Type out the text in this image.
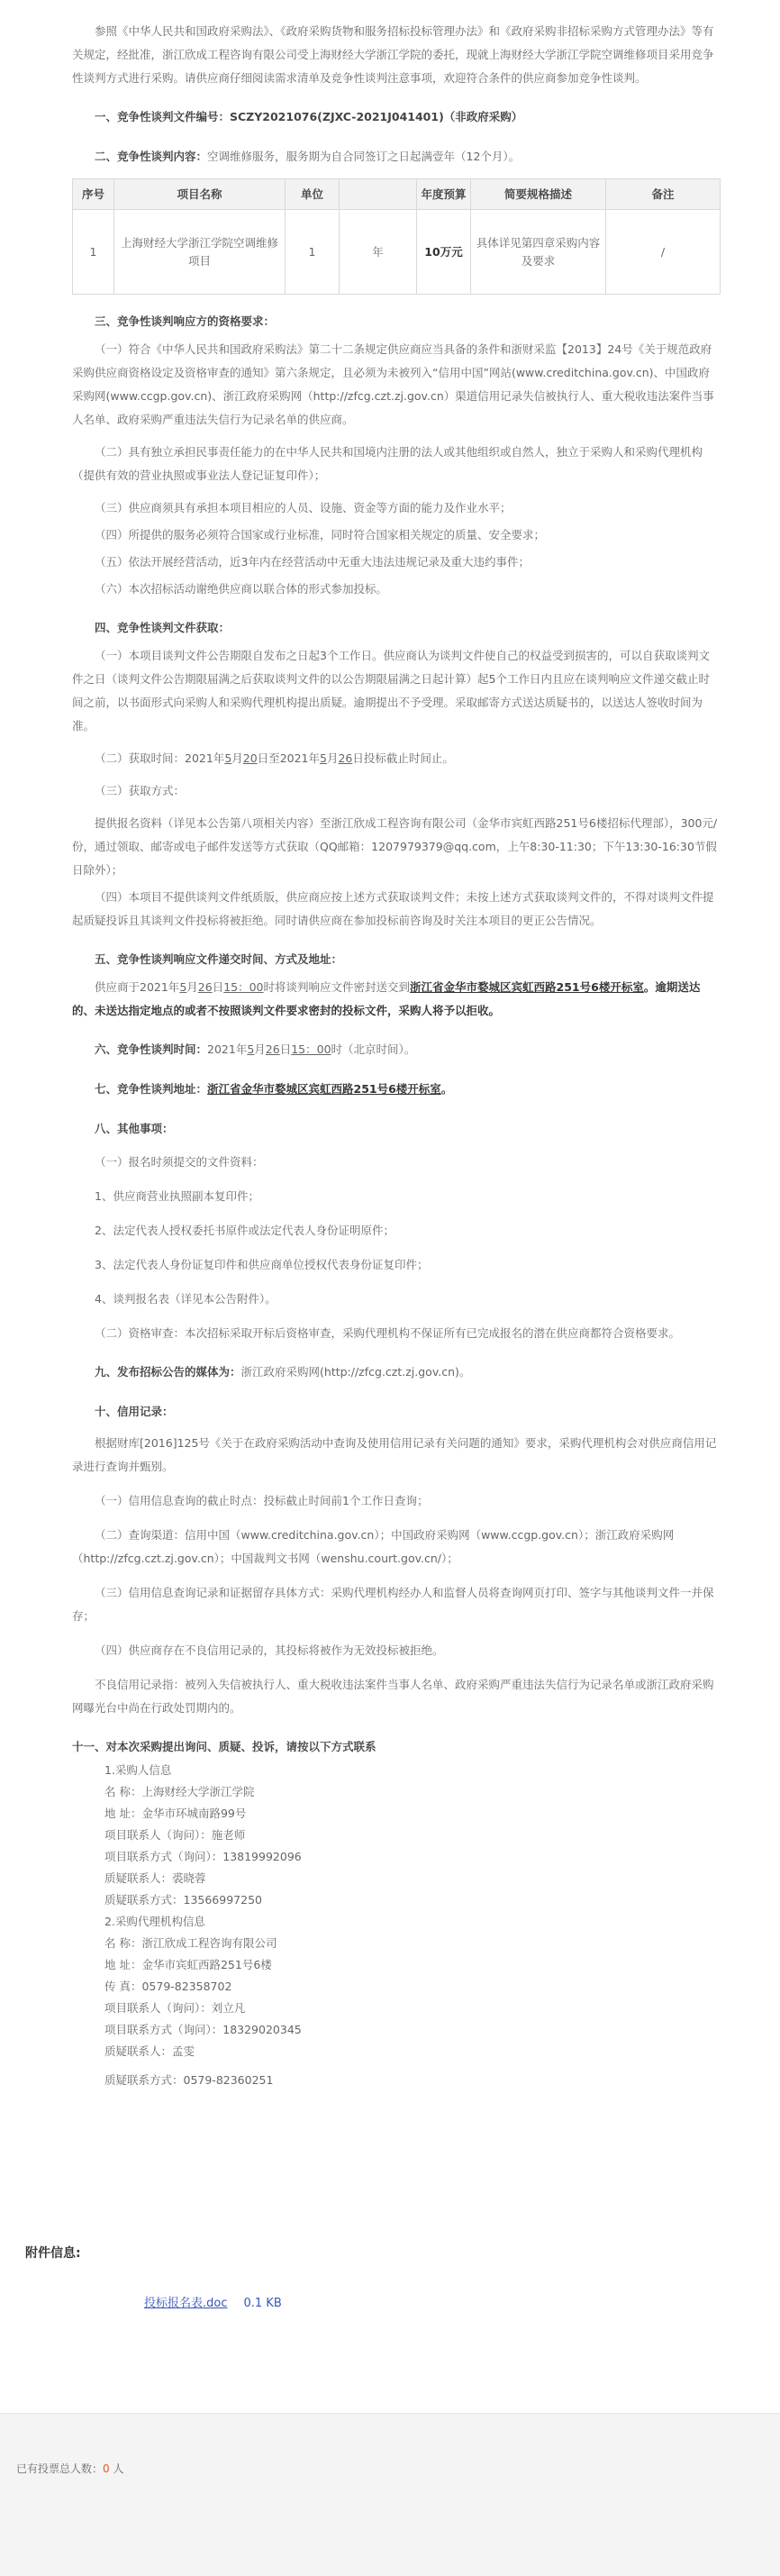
参照《中华人民共和国政府采购法》、《政府采购货物和服务招标投标管理办法》和《政府采购非招标采购方式管理办法》等有关规定，经批准，浙江欣成工程咨询有限公司受上海财经大学浙江学院的委托，现就上海财经大学浙江学院空调维修项目采用竞争性谈判方式进行采购。请供应商仔细阅读需求清单及竞争性谈判注意事项，欢迎符合条件的供应商参加竞争性谈判。

一、竞争性谈判文件编号：SCZY2021076(ZJXC-2021J041401)（非政府采购）

二、竞争性谈判内容：空调维修服务，服务期为自合同签订之日起满壹年（12个月）。

序号	项目名称	单位		年度预算	简要规格描述	备注
1	上海财经大学浙江学院空调维修项目	1	年	10万元	具体详见第四章采购内容及要求	/

三、竞争性谈判响应方的资格要求：

（一）符合《中华人民共和国政府采购法》第二十二条规定供应商应当具备的条件和浙财采监【2013】24号《关于规范政府采购供应商资格设定及资格审查的通知》第六条规定，且必须为未被列入“信用中国”网站(www.creditchina.gov.cn)、中国政府采购网(www.ccgp.gov.cn)、浙江政府采购网（http://zfcg.czt.zj.gov.cn）渠道信用记录失信被执行人、重大税收违法案件当事人名单、政府采购严重违法失信行为记录名单的供应商。

（二）具有独立承担民事责任能力的在中华人民共和国境内注册的法人或其他组织或自然人，独立于采购人和采购代理机构（提供有效的营业执照或事业法人登记证复印件）；

（三）供应商须具有承担本项目相应的人员、设施、资金等方面的能力及作业水平；

（四）所提供的服务必须符合国家或行业标准，同时符合国家相关规定的质量、安全要求；

（五）依法开展经营活动，近3年内在经营活动中无重大违法违规记录及重大违约事件；

（六）本次招标活动谢绝供应商以联合体的形式参加投标。

四、竞争性谈判文件获取：

（一）本项目谈判文件公告期限自发布之日起3个工作日。供应商认为谈判文件使自己的权益受到损害的，可以自获取谈判文件之日（谈判文件公告期限届满之后获取谈判文件的以公告期限届满之日起计算）起5个工作日内且应在谈判响应文件递交截止时间之前，以书面形式向采购人和采购代理机构提出质疑。逾期提出不予受理。采取邮寄方式送达质疑书的，以送达人签收时间为准。

（二）获取时间：2021年5月20日至2021年5月26日投标截止时间止。

（三）获取方式：

提供报名资料（详见本公告第八项相关内容）至浙江欣成工程咨询有限公司（金华市宾虹西路251号6楼招标代理部），300元/份，通过领取、邮寄或电子邮件发送等方式获取（QQ邮箱：1207979379@qq.com，上午8:30-11:30；下午13:30-16:30节假日除外）；

（四）本项目不提供谈判文件纸质版，供应商应按上述方式获取谈判文件；未按上述方式获取谈判文件的，不得对谈判文件提起质疑投诉且其谈判文件投标将被拒绝。同时请供应商在参加投标前咨询及时关注本项目的更正公告情况。

五、竞争性谈判响应文件递交时间、方式及地址：

供应商于2021年5月26日15：00时将谈判响应文件密封送交到浙江省金华市婺城区宾虹西路251号6楼开标室。逾期送达的、未送达指定地点的或者不按照谈判文件要求密封的投标文件，采购人将予以拒收。

六、竞争性谈判时间：2021年5月26日15：00时（北京时间）。

七、竞争性谈判地址：浙江省金华市婺城区宾虹西路251号6楼开标室。

八、其他事项：

（一）报名时须提交的文件资料：

1、供应商营业执照副本复印件；

2、法定代表人授权委托书原件或法定代表人身份证明原件；

3、法定代表人身份证复印件和供应商单位授权代表身份证复印件；

4、谈判报名表（详见本公告附件）。

（二）资格审查：本次招标采取开标后资格审查，采购代理机构不保证所有已完成报名的潜在供应商都符合资格要求。

九、发布招标公告的媒体为：浙江政府采购网(http://zfcg.czt.zj.gov.cn)。

十、信用记录：

根据财库[2016]125号《关于在政府采购活动中查询及使用信用记录有关问题的通知》要求，采购代理机构会对供应商信用记录进行查询并甄别。

（一）信用信息查询的截止时点：投标截止时间前1个工作日查询；

（二）查询渠道：信用中国（www.creditchina.gov.cn）；中国政府采购网（www.ccgp.gov.cn）；浙江政府采购网（http://zfcg.czt.zj.gov.cn）；中国裁判文书网（wenshu.court.gov.cn/）；

（三）信用信息查询记录和证据留存具体方式：采购代理机构经办人和监督人员将查询网页打印、签字与其他谈判文件一并保存；

（四）供应商存在不良信用记录的，其投标将被作为无效投标被拒绝。

不良信用记录指：被列入失信被执行人、重大税收违法案件当事人名单、政府采购严重违法失信行为记录名单或浙江政府采购网曝光台中尚在行政处罚期内的。

十一、对本次采购提出询问、质疑、投诉，请按以下方式联系

1.采购人信息

名 称：上海财经大学浙江学院

地 址：金华市环城南路99号

项目联系人（询问）：施老师

项目联系方式（询问）：13819992096

质疑联系人：裘晓蓉

质疑联系方式：13566997250

2.采购代理机构信息

名 称：浙江欣成工程咨询有限公司

地 址：金华市宾虹西路251号6楼

传 真：0579-82358702

项目联系人（询问）：刘立凡

项目联系方式（询问）：18329020345

质疑联系人：孟雯

质疑联系方式：0579-82360251

附件信息:
投标报名表.doc 0.1 KB
已有投票总人数：0 人
